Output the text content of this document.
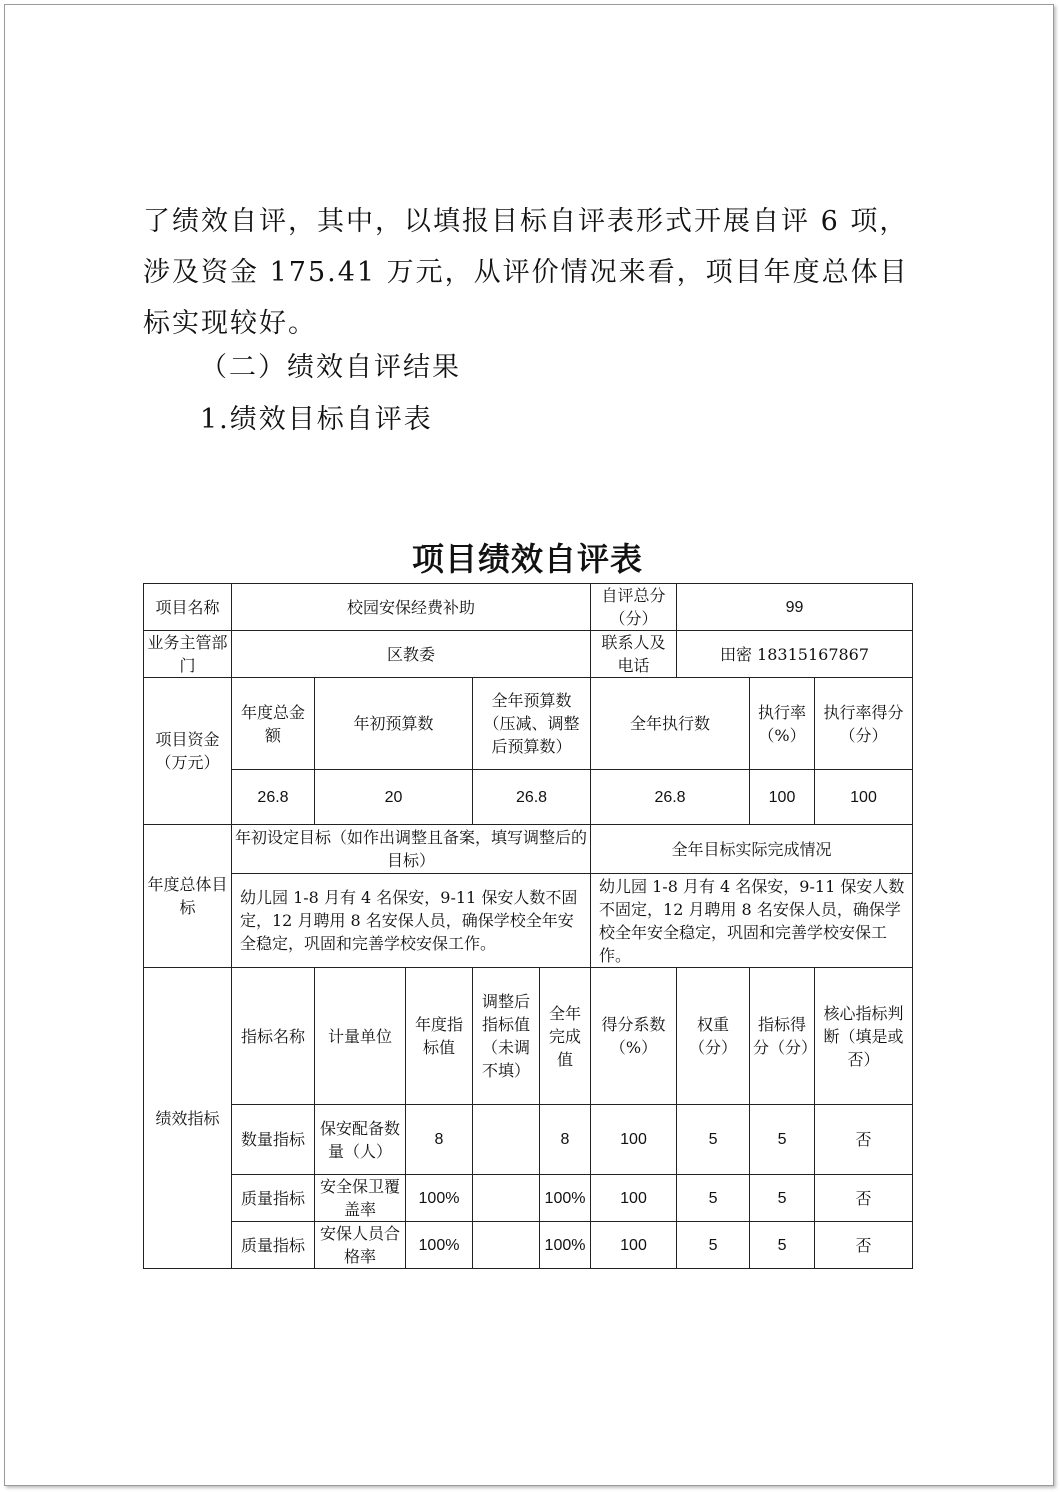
了绩效自评，其中，以填报目标自评表形式开展自评 6 项，涉及资金 175.41 万元，从评价情况来看，项目年度总体目标实现较好。

（二）绩效自评结果
1.绩效目标自评表
项目绩效自评表
项目名称	校园安保经费补助					自评总分（分）	99		
业务主管部门	区教委					联系人及电话	田密 18315167867		
项目资金（万元）	年度总金额	年初预算数		全年预算数（压减、调整后预算数）		全年执行数		执行率（%）	执行率得分（分）
	26.8	20		26.8		26.8		100	100
年度总体目标	年初设定目标（如作出调整且备案，填写调整后的目标）					全年目标实际完成情况			
	幼儿园 1-8 月有 4 名保安，9-11 保安人数不固定，12 月聘用 8 名安保人员，确保学校全年安全稳定，巩固和完善学校安保工作。					幼儿园 1-8 月有 4 名保安，9-11 保安人数不固定，12 月聘用 8 名安保人员，确保学校全年安全稳定，巩固和完善学校安保工作。			
绩效指标	指标名称	计量单位	年度指标值	调整后指标值（未调不填）	全年完成值	得分系数（%）	权重（分）	指标得分（分）	核心指标判断（填是或否）
	数量指标	保安配备数量（人）	8		8	100	5	5	否
	质量指标	安全保卫覆盖率	100%		100%	100	5	5	否
	质量指标	安保人员合格率	100%		100%	100	5	5	否
